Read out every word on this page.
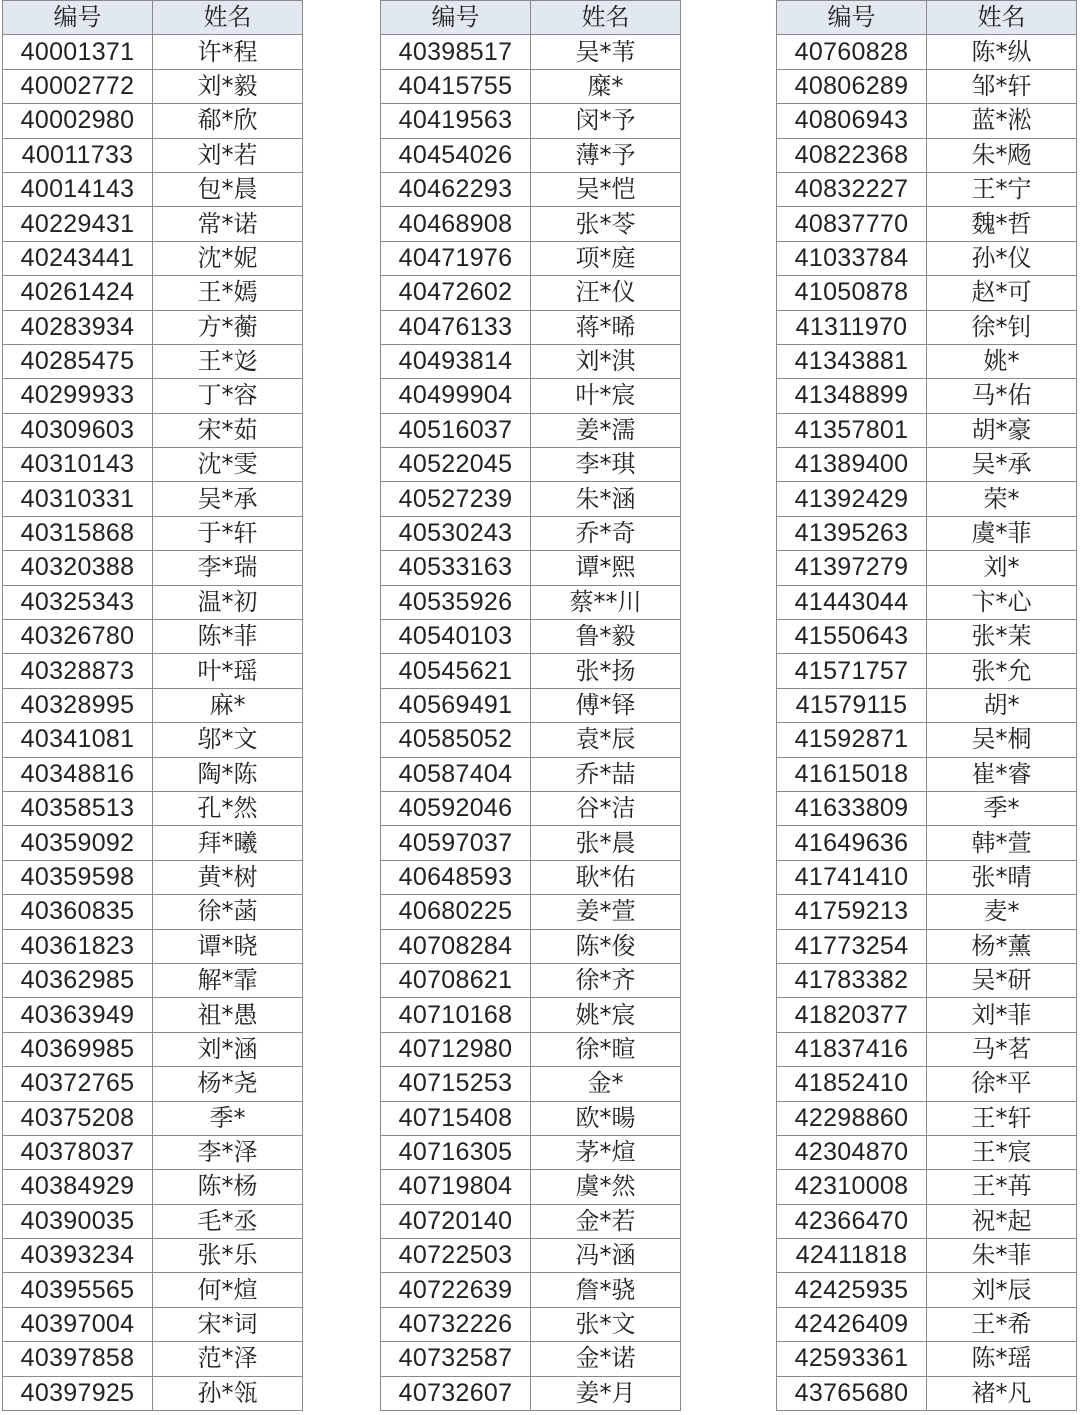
编号	姓名
40001371	许*程
40002772	刘*毅
40002980	郗*欣
40011733	刘*若
40014143	包*晨
40229431	常*诺
40243441	沈*妮
40261424	王*嫣
40283934	方*蘅
40285475	王*彣
40299933	丁*容
40309603	宋*茹
40310143	沈*雯
40310331	吴*承
40315868	于*轩
40320388	李*瑞
40325343	温*初
40326780	陈*菲
40328873	叶*瑶
40328995	麻*
40341081	邬*文
40348816	陶*陈
40358513	孔*然
40359092	拜*曦
40359598	黄*树
40360835	徐*菡
40361823	谭*晓
40362985	解*霏
40363949	祖*愚
40369985	刘*涵
40372765	杨*尧
40375208	季*
40378037	李*泽
40384929	陈*杨
40390035	毛*丞
40393234	张*乐
40395565	何*煊
40397004	宋*词
40397858	范*泽
40397925	孙*瓴
编号	姓名
40398517	吴*苇
40415755	糜*
40419563	闵*予
40454026	薄*予
40462293	吴*恺
40468908	张*苓
40471976	项*庭
40472602	汪*仪
40476133	蒋*晞
40493814	刘*淇
40499904	叶*宸
40516037	姜*濡
40522045	李*琪
40527239	朱*涵
40530243	乔*奇
40533163	谭*熙
40535926	蔡**川
40540103	鲁*毅
40545621	张*扬
40569491	傅*铎
40585052	袁*辰
40587404	乔*喆
40592046	谷*洁
40597037	张*晨
40648593	耿*佑
40680225	姜*萱
40708284	陈*俊
40708621	徐*齐
40710168	姚*宸
40712980	徐*暄
40715253	金*
40715408	欧*暘
40716305	茅*煊
40719804	虞*然
40720140	金*若
40722503	冯*涵
40722639	詹*骁
40732226	张*文
40732587	金*诺
40732607	姜*月
编号	姓名
40760828	陈*纵
40806289	邹*轩
40806943	蓝*淞
40822368	朱*飏
40832227	王*宁
40837770	魏*哲
41033784	孙*仪
41050878	赵*可
41311970	徐*钊
41343881	姚*
41348899	马*佑
41357801	胡*豪
41389400	吴*承
41392429	荣*
41395263	虞*菲
41397279	刘*
41443044	卞*心
41550643	张*茉
41571757	张*允
41579115	胡*
41592871	吴*桐
41615018	崔*睿
41633809	季*
41649636	韩*萱
41741410	张*晴
41759213	麦*
41773254	杨*薰
41783382	吴*研
41820377	刘*菲
41837416	马*茗
41852410	徐*平
42298860	王*轩
42304870	王*宸
42310008	王*苒
42366470	祝*起
42411818	朱*菲
42425935	刘*辰
42426409	王*希
42593361	陈*瑶
43765680	褚*凡
